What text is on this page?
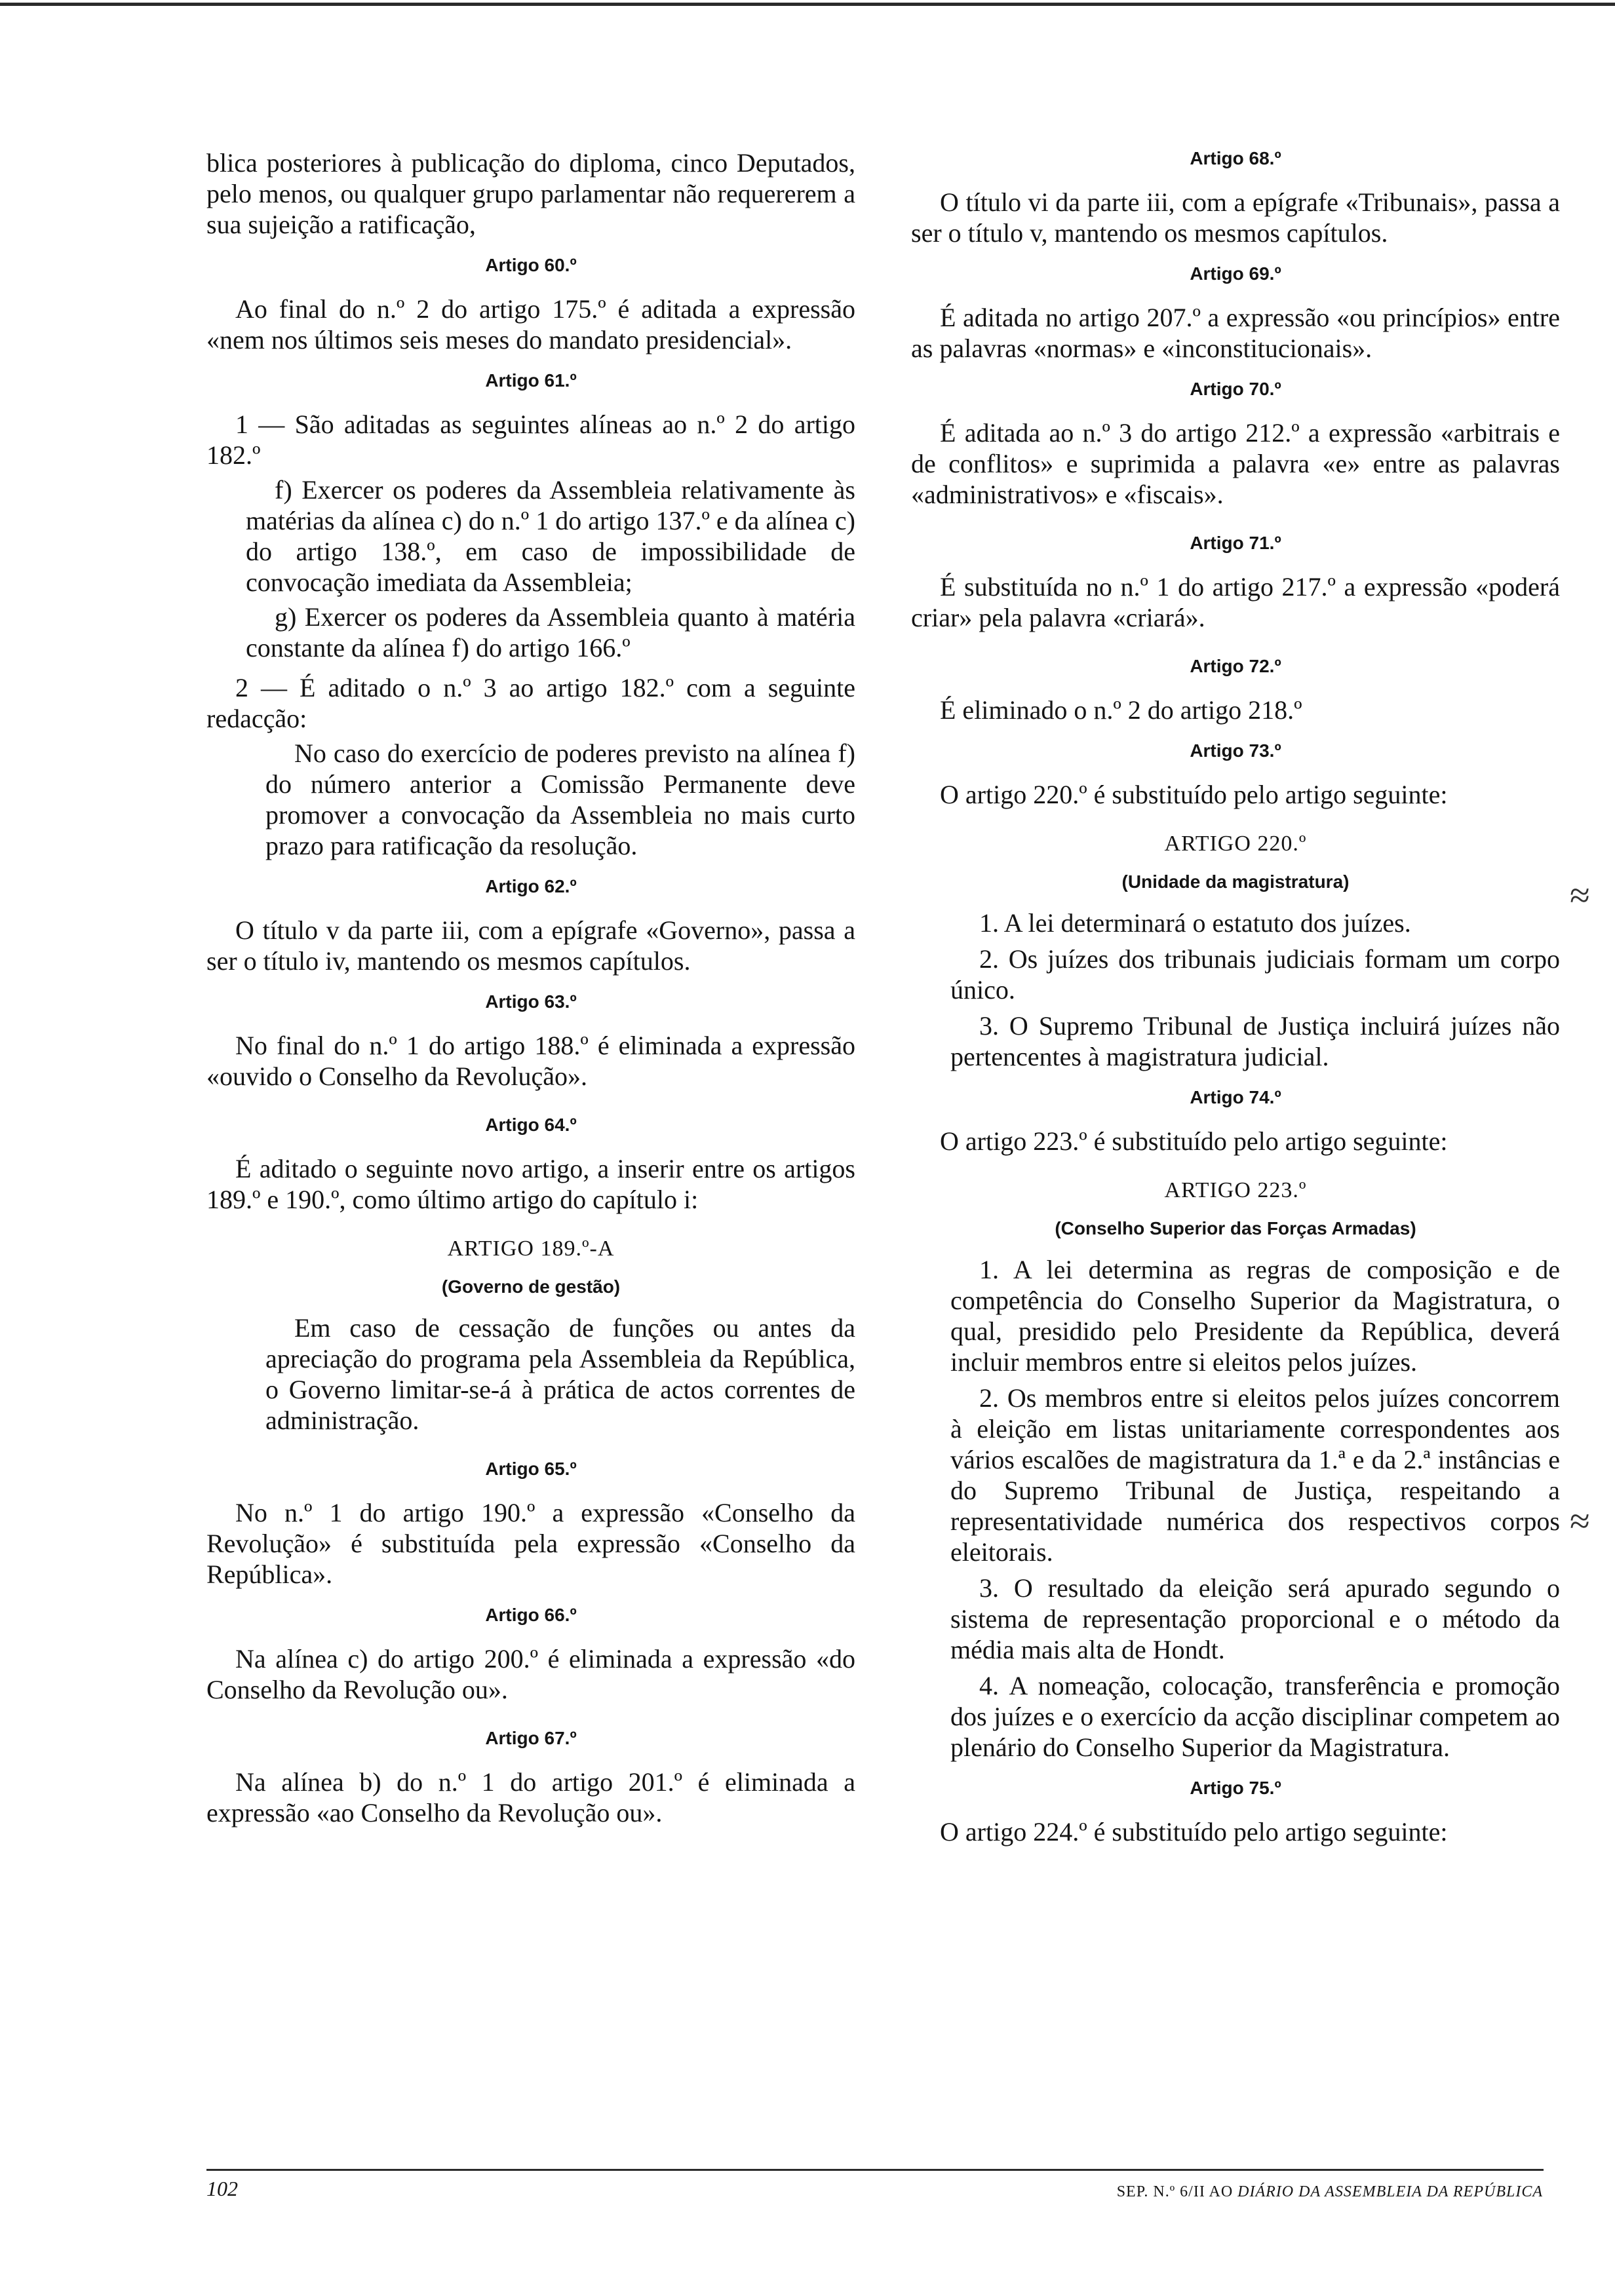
blica posteriores à publicação do diploma, cinco Deputados, pelo menos, ou qualquer grupo parlamentar não requererem a sua sujeição a ratificação,

Artigo 60.º

Ao final do n.º 2 do artigo 175.º é aditada a expressão «nem nos últimos seis meses do mandato presidencial».

Artigo 61.º

1 — São aditadas as seguintes alíneas ao n.º 2 do artigo 182.º

f) Exercer os poderes da Assembleia relativamente às matérias da alínea c) do n.º 1 do artigo 137.º e da alínea c) do artigo 138.º, em caso de impossibilidade de convocação imediata da Assembleia;

g) Exercer os poderes da Assembleia quanto à matéria constante da alínea f) do artigo 166.º

2 — É aditado o n.º 3 ao artigo 182.º com a seguinte redacção:

No caso do exercício de poderes previsto na alínea f) do número anterior a Comissão Permanente deve promover a convocação da Assembleia no mais curto prazo para ratificação da resolução.

Artigo 62.º

O título v da parte iii, com a epígrafe «Governo», passa a ser o título iv, mantendo os mesmos capítulos.

Artigo 63.º

No final do n.º 1 do artigo 188.º é eliminada a expressão «ouvido o Conselho da Revolução».

Artigo 64.º

É aditado o seguinte novo artigo, a inserir entre os artigos 189.º e 190.º, como último artigo do capítulo i:

ARTIGO 189.º-A
(Governo de gestão)

Em caso de cessação de funções ou antes da apreciação do programa pela Assembleia da República, o Governo limitar-se-á à prática de actos correntes de administração.

Artigo 65.º

No n.º 1 do artigo 190.º a expressão «Conselho da Revolução» é substituída pela expressão «Conselho da República».

Artigo 66.º

Na alínea c) do artigo 200.º é eliminada a expressão «do Conselho da Revolução ou».

Artigo 67.º

Na alínea b) do n.º 1 do artigo 201.º é eliminada a expressão «ao Conselho da Revolução ou».

Artigo 68.º

O título vi da parte iii, com a epígrafe «Tribunais», passa a ser o título v, mantendo os mesmos capítulos.

Artigo 69.º

É aditada no artigo 207.º a expressão «ou princípios» entre as palavras «normas» e «inconstitucionais».

Artigo 70.º

É aditada ao n.º 3 do artigo 212.º a expressão «arbitrais e de conflitos» e suprimida a palavra «e» entre as palavras «administrativos» e «fiscais».

Artigo 71.º

É substituída no n.º 1 do artigo 217.º a expressão «poderá criar» pela palavra «criará».

Artigo 72.º

É eliminado o n.º 2 do artigo 218.º

Artigo 73.º

O artigo 220.º é substituído pelo artigo seguinte:

ARTIGO 220.º
(Unidade da magistratura)

1. A lei determinará o estatuto dos juízes.

2. Os juízes dos tribunais judiciais formam um corpo único.

3. O Supremo Tribunal de Justiça incluirá juízes não pertencentes à magistratura judicial.

Artigo 74.º

O artigo 223.º é substituído pelo artigo seguinte:

ARTIGO 223.º
(Conselho Superior das Forças Armadas)

1. A lei determina as regras de composição e de competência do Conselho Superior da Magistratura, o qual, presidido pelo Presidente da República, deverá incluir membros entre si eleitos pelos juízes.

2. Os membros entre si eleitos pelos juízes concorrem à eleição em listas unitariamente correspondentes aos vários escalões de magistratura da 1.ª e da 2.ª instâncias e do Supremo Tribunal de Justiça, respeitando a representatividade numérica dos respectivos corpos eleitorais.

3. O resultado da eleição será apurado segundo o sistema de representação proporcional e o método da média mais alta de Hondt.

4. A nomeação, colocação, transferência e promoção dos juízes e o exercício da acção disciplinar competem ao plenário do Conselho Superior da Magistratura.

Artigo 75.º

O artigo 224.º é substituído pelo artigo seguinte:

≈
≈
102	SEP. N.º 6/II AO DIÁRIO DA ASSEMBLEIA DA REPÚBLICA
